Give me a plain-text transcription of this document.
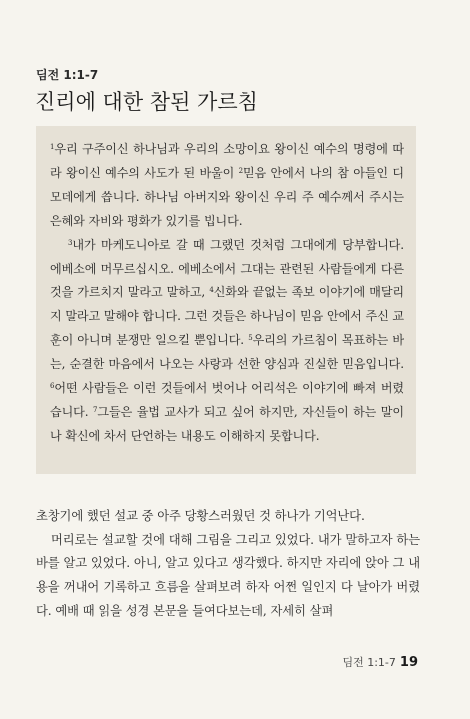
딤전 1:1-7
진리에 대한 참된 가르침

$^1$우리 구주이신 하나님과 우리의 소망이요 왕이신 예수의 명령에 따라 왕이신 예수의 사도가 된 바울이 $^2$믿음 안에서 나의 참 아들인 디모데에게 씁니다. 하나님 아버지와 왕이신 우리 주 예수께서 주시는 은혜와 자비와 평화가 있기를 빕니다.

$^3$내가 마케도니아로 갈 때 그랬던 것처럼 그대에게 당부합니다. 에베소에 머무르십시오. 에베소에서 그대는 관련된 사람들에게 다른 것을 가르치지 말라고 말하고, $^4$신화와 끝없는 족보 이야기에 매달리지 말라고 말해야 합니다. 그런 것들은 하나님이 믿음 안에서 주신 교훈이 아니며 분쟁만 일으킬 뿐입니다. $^5$우리의 가르침이 목표하는 바는, 순결한 마음에서 나오는 사랑과 선한 양심과 진실한 믿음입니다. $^6$어떤 사람들은 이런 것들에서 벗어나 어리석은 이야기에 빠져 버렸습니다. $^7$그들은 율법 교사가 되고 싶어 하지만, 자신들이 하는 말이나 확신에 차서 단언하는 내용도 이해하지 못합니다.

초창기에 했던 설교 중 아주 당황스러웠던 것 하나가 기억난다.

머리로는 설교할 것에 대해 그림을 그리고 있었다. 내가 말하고자 하는 바를 알고 있었다. 아니, 알고 있다고 생각했다. 하지만 자리에 앉아 그 내용을 꺼내어 기록하고 흐름을 살펴보려 하자 어쩐 일인지 다 날아가 버렸다. 예배 때 읽을 성경 본문을 들여다보는데, 자세히 살펴

딤전 1:1-7 19
